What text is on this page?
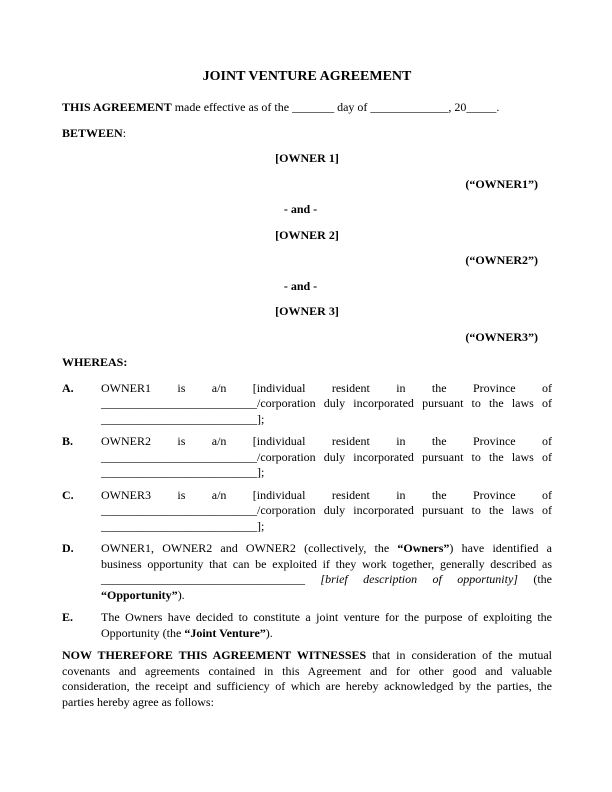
JOINT VENTURE AGREEMENT

THIS AGREEMENT made effective as of the _______ day of _____________, 20_____.

BETWEEN:

[OWNER 1]
(“OWNER1”)
- and -
[OWNER 2]
(“OWNER2”)
- and -
[OWNER 3]
(“OWNER3”)

WHEREAS:

A. OWNER1 is a/n [individual resident in the Province of
__________________________/corporation duly incorporated pursuant to the laws of
__________________________];
B. OWNER2 is a/n [individual resident in the Province of
__________________________/corporation duly incorporated pursuant to the laws of
__________________________];
C. OWNER3 is a/n [individual resident in the Province of
__________________________/corporation duly incorporated pursuant to the laws of
__________________________];
D. OWNER1, OWNER2 and OWNER2 (collectively, the “Owners”) have identified a
business opportunity that can be exploited if they work together, generally described as
__________________________________ [brief description of opportunity] (the
“Opportunity”).
E. The Owners have decided to constitute a joint venture for the purpose of exploiting the
Opportunity (the “Joint Venture”).
NOW THEREFORE THIS AGREEMENT WITNESSES that in consideration of the mutual
covenants and agreements contained in this Agreement and for other good and valuable
consideration, the receipt and sufficiency of which are hereby acknowledged by the parties, the
parties hereby agree as follows:
